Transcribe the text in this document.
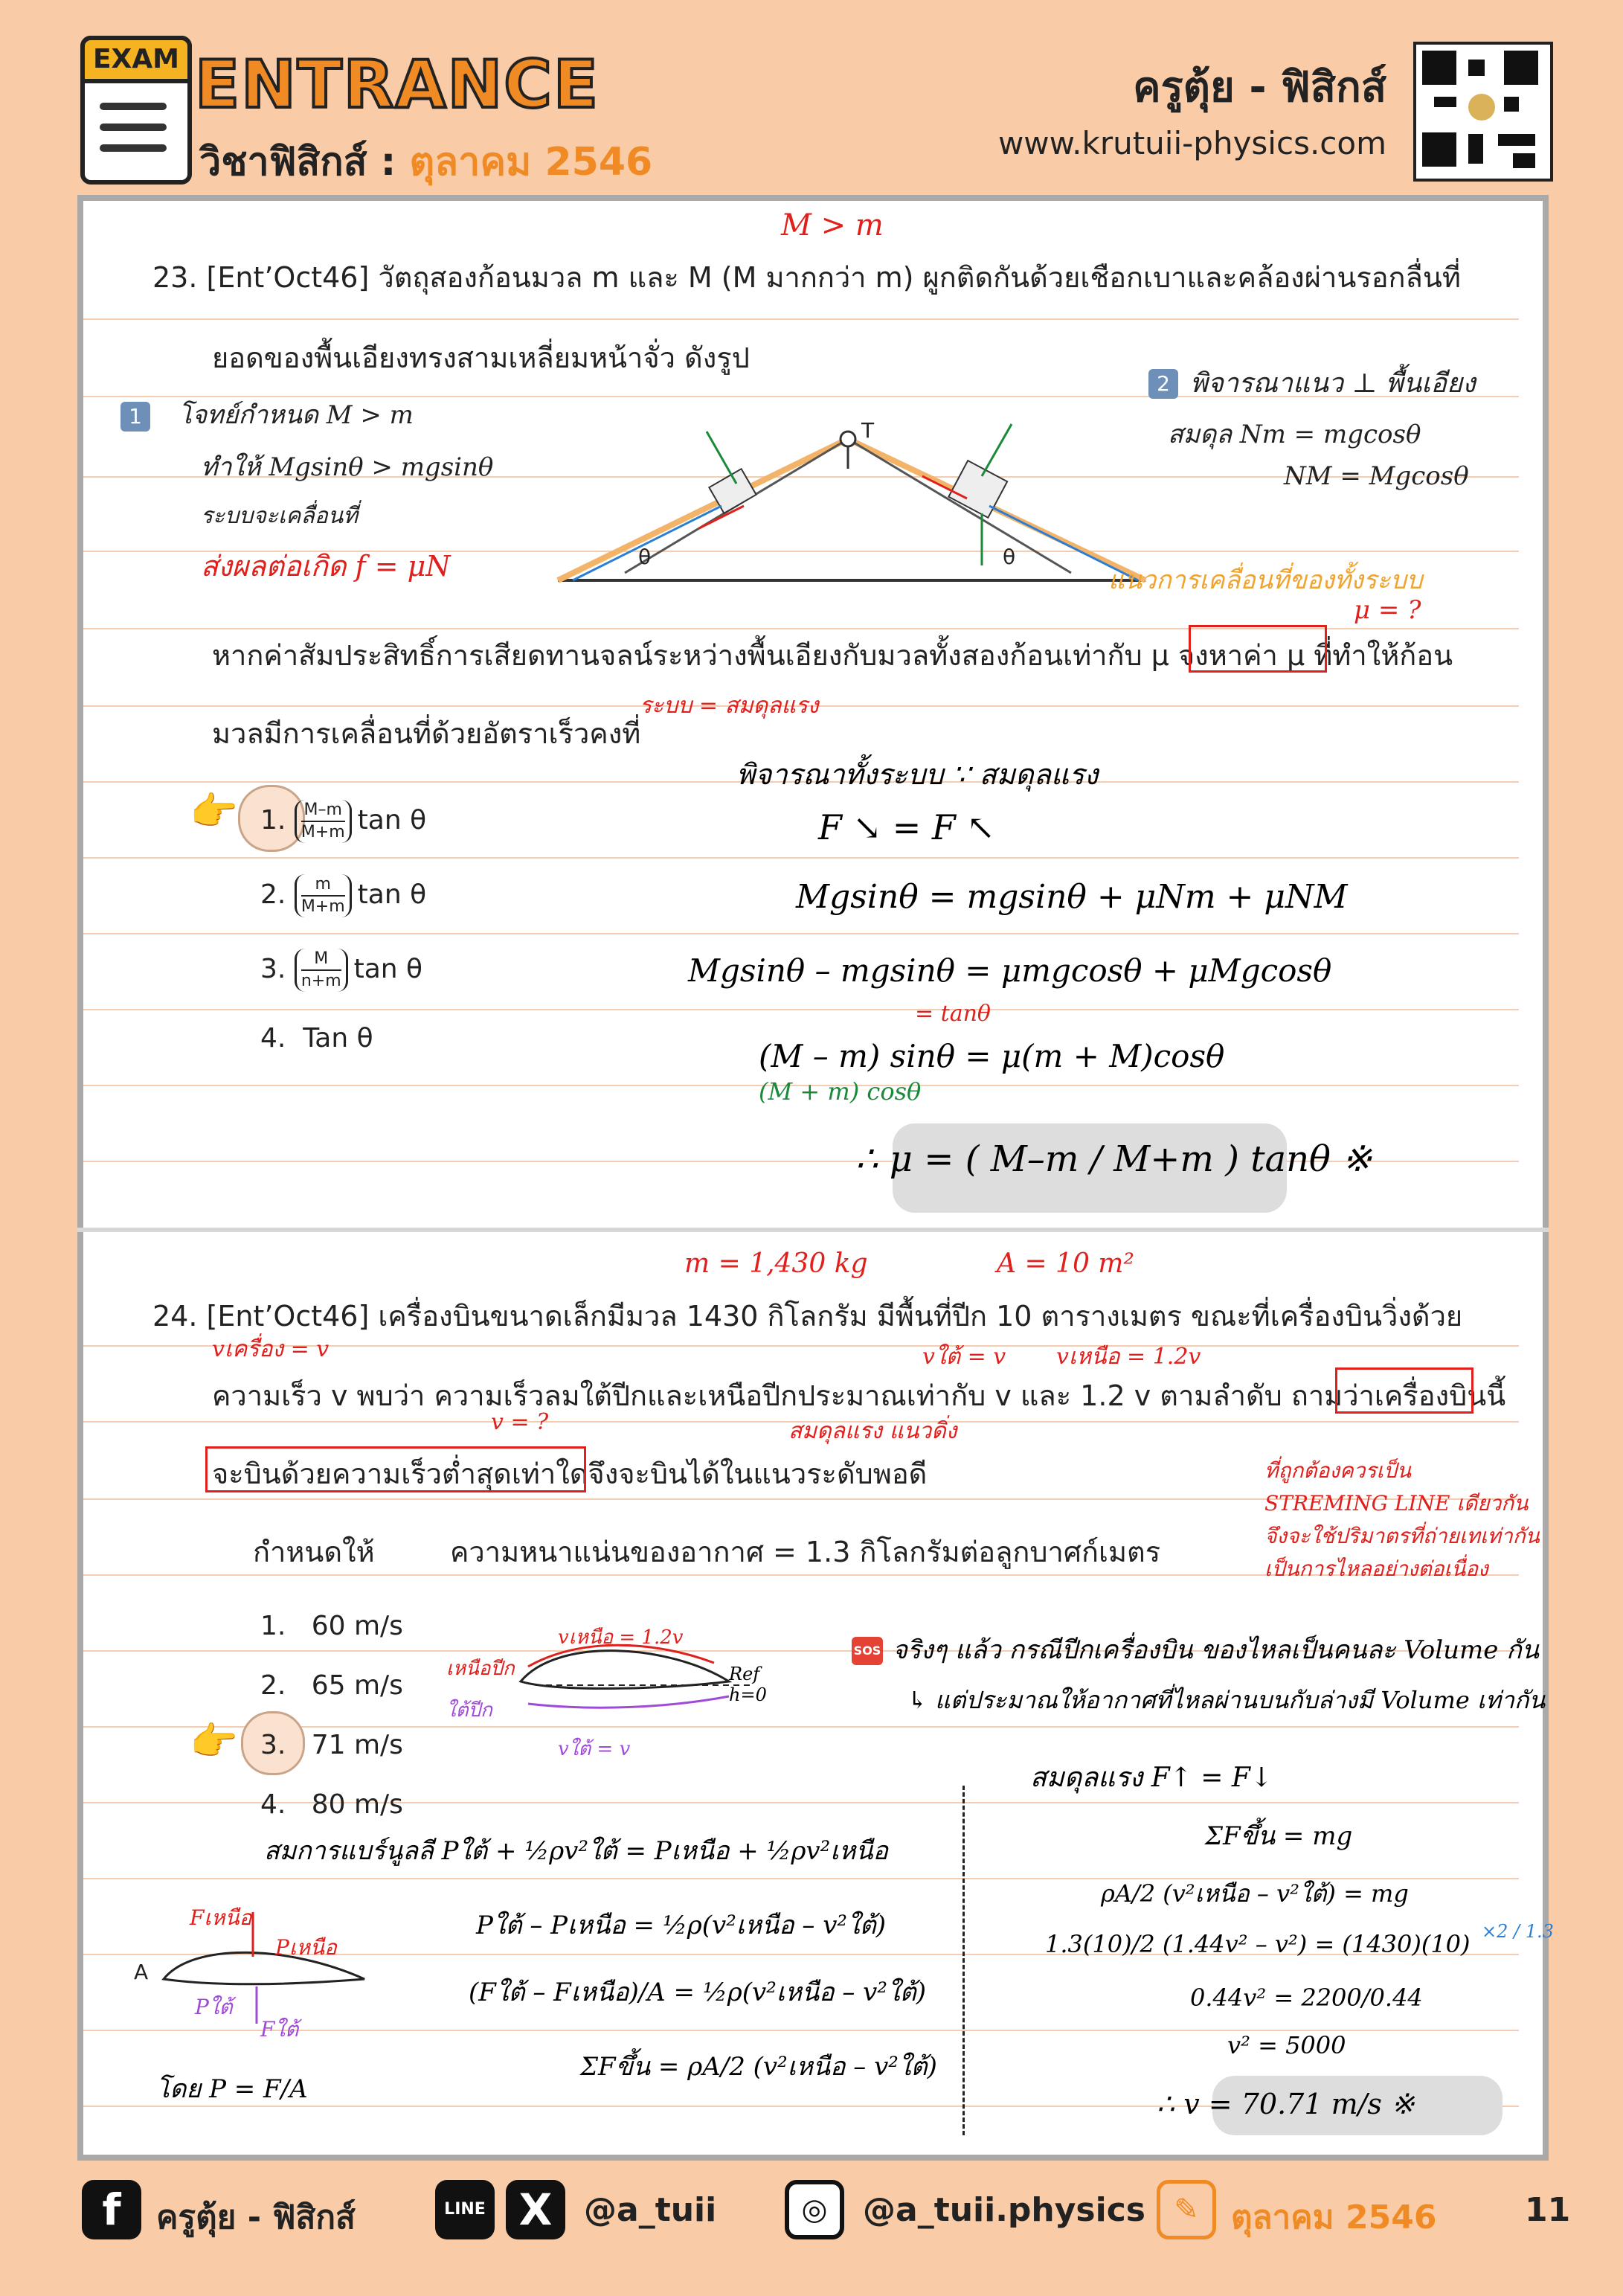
EXAM ENTRANCE
วิชาฟิสิกส์ : ตุลาคม 2546
ครูตุ้ย - ฟิสิกส์
www.krutuii-physics.com
M > m
23. [Ent’Oct46] วัตถุสองก้อนมวล m และ M (M มากกว่า m) ผูกติดกันด้วยเชือกเบาและคล้องผ่านรอกลื่นที่
ยอดของพื้นเอียงทรงสามเหลี่ยมหน้าจั่ว ดังรูป
θ	θ
T
โจทย์กำหนด M > m
ทำให้ Mgsinθ > mgsinθ
ระบบจะเคลื่อนที่
ส่งผลต่อเกิด f = μN
1
2 พิจารณาแนว ⊥ พื้นเอียง
สมดุล Nm = mgcosθ
NM = Mgcosθ
แนวการเคลื่อนที่ของทั้งระบบ
μ = ?
หากค่าสัมประสิทธิ์การเสียดทานจลน์ระหว่างพื้นเอียงกับมวลทั้งสองก้อนเท่ากับ μ จงหาค่า μ ที่ทำให้ก้อน
มวลมีการเคลื่อนที่ด้วยอัตราเร็วคงที่
ระบบ = สมดุลแรง
👉 1. $\frac{M-m}{M+m}$ tan θ
2. $\frac{m}{M+m}$ tan θ
3. $\frac{M}{n+m}$ tan θ
4. Tan θ
พิจารณาทั้งระบบ ∵ สมดุลแรง
F ↘ = F ↖
Mgsinθ = mgsinθ + μNm + μNM
Mgsinθ – mgsinθ = μmgcosθ + μMgcosθ
= tanθ
(M – m) sinθ = μ(m + M)cosθ
(M + m) cosθ
∴ μ = ( M–m / M+m ) tanθ ※
m = 1,430 kg	A = 10 m²
24. [Ent’Oct46] เครื่องบินขนาดเล็กมีมวล 1430 กิโลกรัม มีพื้นที่ปีก 10 ตารางเมตร ขณะที่เครื่องบินวิ่งด้วย
vเครื่อง = v	vใต้ = v vเหนือ = 1.2v
ความเร็ว v พบว่า ความเร็วลมใต้ปีกและเหนือปีกประมาณเท่ากับ v และ 1.2 v ตามลำดับ ถามว่าเครื่องบินนี้
v = ?	สมดุลแรง แนวดิ่ง
จะบินด้วยความเร็วต่ำสุดเท่าใดจึงจะบินได้ในแนวระดับพอดี
กำหนดให้	ความหนาแน่นของอากาศ = 1.3 กิโลกรัมต่อลูกบาศก์เมตร
ที่ถูกต้องควรเป็น
STREMING LINE เดียวกัน
จึงจะใช้ปริมาตรที่ถ่ายเทเท่ากัน
เป็นการไหลอย่างต่อเนื่อง
1. 60 m/s
2. 65 m/s
👉 3. 71 m/s
4. 80 m/s
เหนือปีก
ใต้ปีก
vเหนือ = 1.2v
vใต้ = v
Ref
h=0
SOS จริงๆ แล้ว กรณีปีกเครื่องบิน ของไหลเป็นคนละ Volume กัน
↳ แต่ประมาณให้อากาศที่ไหลผ่านบนกับล่างมี Volume เท่ากัน
สมการแบร์นูลลี Pใต้ + ½ρv²ใต้ = Pเหนือ + ½ρv²เหนือ
Pใต้ – Pเหนือ = ½ρ(v²เหนือ – v²ใต้)
(Fใต้ – Fเหนือ)/A = ½ρ(v²เหนือ – v²ใต้)
ΣFขึ้น = ρA/2 (v²เหนือ – v²ใต้)
โดย P = F/A
A
Fเหนือ
Pเหนือ
Pใต้
Fใต้
สมดุลแรง F↑ = F↓
ΣFขึ้น = mg
ρA/2 (v²เหนือ – v²ใต้) = mg
1.3(10)/2 (1.44v² – v²) = (1430)(10) ×2 / 1.3
0.44v² = 2200/0.44
v² = 5000
∴ v = 70.71 m/s ※
f	ครูตุ้ย - ฟิสิกส์	LINE X @a_tuii	◎	@a_tuii.physics ✎ ตุลาคม 2546	11
